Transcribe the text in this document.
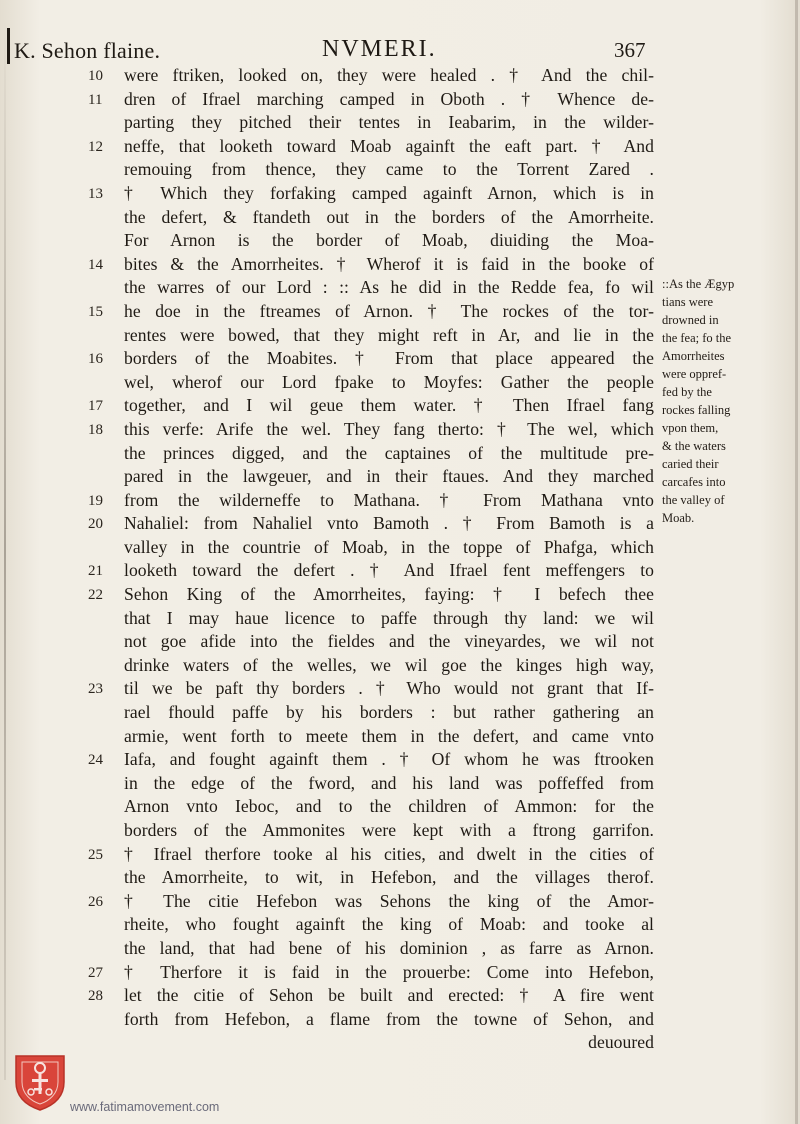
K. Sehon flaine.	NVMERI.	367
10	were ftriken, looked on, they were healed . † And the chil-
11	dren of Ifrael marching camped in Oboth . † Whence de-
parting they pitched their tentes in Ieabarim, in the wilder-
12	neffe, that looketh toward Moab againft the eaft part. † And
remouing from thence, they came to the Torrent Zared .
13	† Which they forfaking camped againft Arnon, which is in
the defert, & ftandeth out in the borders of the Amorrheite.
For Arnon is the border of Moab, diuiding the Moa-
14	bites & the Amorrheites. † Wherof it is faid in the booke of
the warres of our Lord : :: As he did in the Redde fea, fo wil
15	he doe in the ftreames of Arnon. † The rockes of the tor-
rentes were bowed, that they might reft in Ar, and lie in the
16	borders of the Moabites. † From that place appeared the
wel, wherof our Lord fpake to Moyfes: Gather the people
17	together, and I wil geue them water. † Then Ifrael fang
18	this verfe: Arife the wel. They fang therto: † The wel, which
the princes digged, and the captaines of the multitude pre-
pared in the lawgeuer, and in their ftaues. And they marched
19	from the wilderneffe to Mathana. † From Mathana vnto
20	Nahaliel: from Nahaliel vnto Bamoth . † From Bamoth is a
valley in the countrie of Moab, in the toppe of Phafga, which
21	looketh toward the defert . † And Ifrael fent meffengers to
22	Sehon King of the Amorrheites, faying: † I befech thee
that I may haue licence to paffe through thy land: we wil
not goe afide into the fieldes and the vineyardes, we wil not
drinke waters of the welles, we wil goe the kinges high way,
23	til we be paft thy borders . † Who would not grant that If-
rael fhould paffe by his borders : but rather gathering an
armie, went forth to meete them in the defert, and came vnto
24	Iafa, and fought againft them . † Of whom he was ftrooken
in the edge of the fword, and his land was poffeffed from
Arnon vnto Ieboc, and to the children of Ammon: for the
borders of the Ammonites were kept with a ftrong garrifon.
25	† Ifrael therfore tooke al his cities, and dwelt in the cities of
the Amorrheite, to wit, in Hefebon, and the villages therof.
26	† The citie Hefebon was Sehons the king of the Amor-
rheite, who fought againft the king of Moab: and tooke al
the land, that had bene of his dominion , as farre as Arnon.
27	† Therfore it is faid in the prouerbe: Come into Hefebon,
28	let the citie of Sehon be built and erected: † A fire went
forth from Hefebon, a flame from the towne of Sehon, and
deuoured
::As the Ægyp
tians were
drowned in
the fea; fo the
Amorrheites
were oppref-
fed by the
rockes falling
vpon them,
& the waters
caried their
carcafes into
the valley of
Moab.
www.fatimamovement.com
